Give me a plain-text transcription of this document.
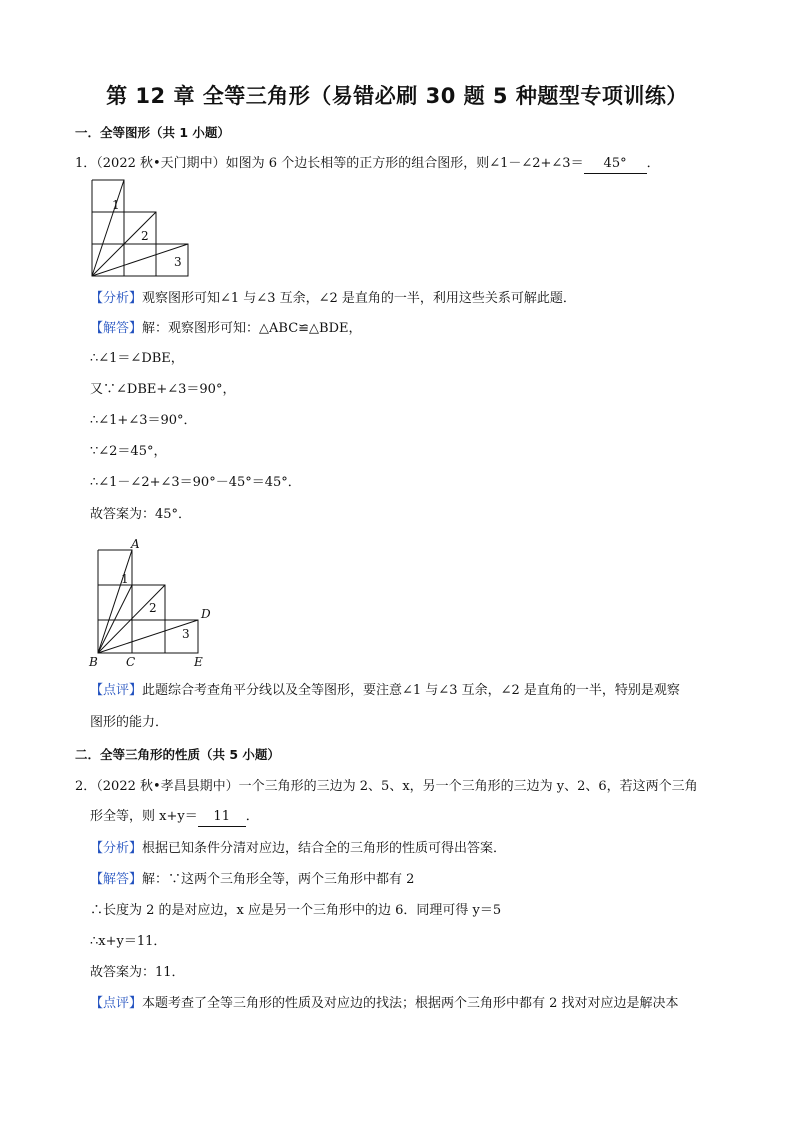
第 12 章 全等三角形（易错必刷 30 题 5 种题型专项训练）
一．全等图形（共 1 小题）
1．（2022 秋•天门期中）如图为 6 个边长相等的正方形的组合图形，则∠1－∠2+∠3＝ 45° ．
1
2
3
【分析】观察图形可知∠1 与∠3 互余，∠2 是直角的一半，利用这些关系可解此题．
【解答】解：观察图形可知：△ABC≌△BDE，
∴∠1＝∠DBE，
又∵∠DBE+∠3＝90°，
∴∠1+∠3＝90°．
∵∠2＝45°，
∴∠1－∠2+∠3＝90°－45°＝45°．
故答案为：45°．
A
B C
D
E
1
2
3
【点评】此题综合考查角平分线以及全等图形，要注意∠1 与∠3 互余，∠2 是直角的一半，特别是观察
图形的能力．
二．全等三角形的性质（共 5 小题）
2．（2022 秋•孝昌县期中）一个三角形的三边为 2、5、x，另一个三角形的三边为 y、2、6，若这两个三角
形全等，则 x+y＝ 11 ．
【分析】根据已知条件分清对应边，结合全的三角形的性质可得出答案．
【解答】解：∵这两个三角形全等，两个三角形中都有 2
∴长度为 2 的是对应边，x 应是另一个三角形中的边 6．同理可得 y＝5
∴x+y＝11．
故答案为：11．
【点评】本题考查了全等三角形的性质及对应边的找法；根据两个三角形中都有 2 找对对应边是解决本
